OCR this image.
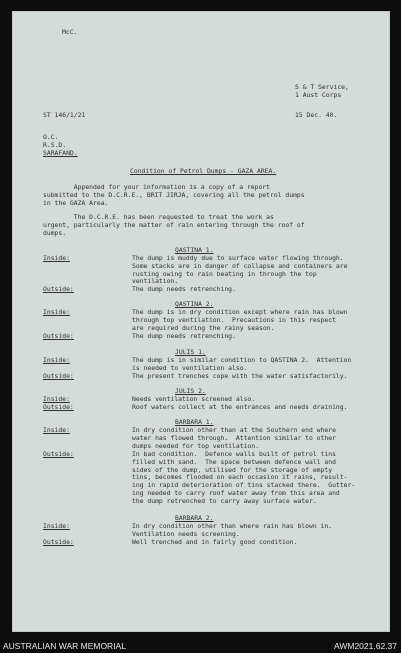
McC.
S & T Service,
1 Aust Corps
ST 146/1/21	15 Dec. 40.
O.C.
R.S.D.
SARAFAND.
Condition of Petrol Dumps - GAZA AREA.
Appended for your information is a copy of a report
submitted to the D.C.R.E., BRIT JIRJA, covering all the petrol dumps
in the GAZA Area.
The D.C.R.E. has been requested to treat the work as
urgent, particularly the matter of rain entering through the roof of
dumps.
QASTINA 1.
Inside:	The dump is muddy due to surface water flowing through.
Some stacks are in danger of collapse and containers are
rusting owing to rain beating in through the top
ventilation.
Outside:	The dump needs retrenching.
QASTINA 2.
Inside:	The dump is in dry condition except where rain has blown
through top ventilation.  Precautions in this respect
are required during the rainy season.
Outside:	The dump needs retrenching.
JULIS 1.
Inside:	The dump is in similar condition to QASTINA 2.  Attention
is needed to ventilation also.
Outside:	The present trenches cope with the water satisfactorily.
JULIS 2.
Inside:	Needs ventilation screened also.
Outside:	Roof waters collect at the entrances and needs draining.
BARBARA 1.
Inside:	In dry condition other than at the Southern end where
water has flowed through.  Attention similar to other
dumps needed for top ventilation.
Outside:	In bad condition.  Defence walls built of petrol tins
filled with sand.  The space between defence wall and
sides of the dump, utilised for the storage of empty
tins, becomes flooded on each occasion it rains, result-
ing in rapid deterioration of tins stacked there.  Gutter-
ing needed to carry roof water away from this area and
the dump retrenched to carry away surface water.
BARBARA 2.
Inside:	In dry condition other than where rain has blown in.
Ventilation needs screening.
Outside:	Well trenched and in fairly good condition.
AUSTRALIAN WAR MEMORIAL	AWM2021.62.37
